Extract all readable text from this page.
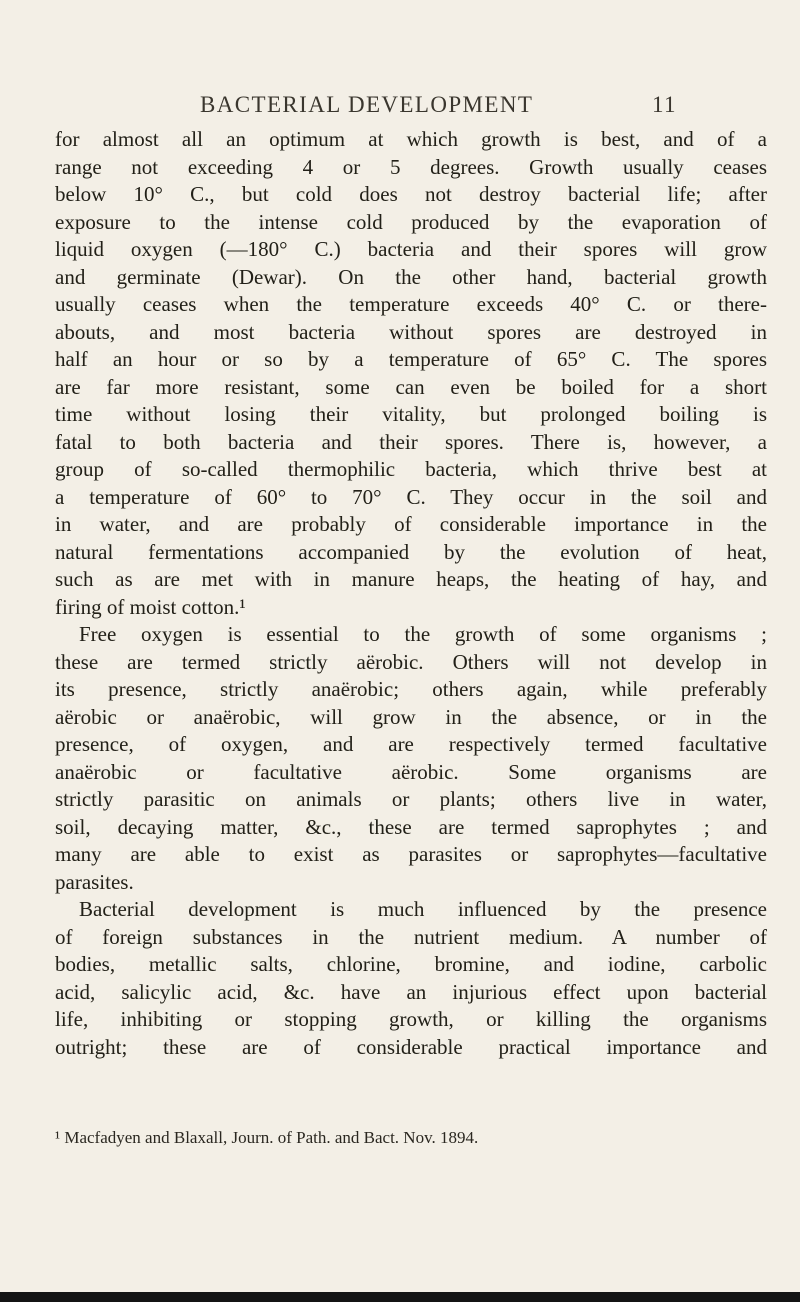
BACTERIAL DEVELOPMENT	11
for almost all an optimum at which growth is best, and of a
range not exceeding 4 or 5 degrees. Growth usually ceases
below 10° C., but cold does not destroy bacterial life; after
exposure to the intense cold produced by the evaporation of
liquid oxygen (—180° C.) bacteria and their spores will grow
and germinate (Dewar). On the other hand, bacterial growth
usually ceases when the temperature exceeds 40° C. or there-
abouts, and most bacteria without spores are destroyed in
half an hour or so by a temperature of 65° C. The spores
are far more resistant, some can even be boiled for a short
time without losing their vitality, but prolonged boiling is
fatal to both bacteria and their spores. There is, however, a
group of so-called thermophilic bacteria, which thrive best at
a temperature of 60° to 70° C. They occur in the soil and
in water, and are probably of considerable importance in the
natural fermentations accompanied by the evolution of heat,
such as are met with in manure heaps, the heating of hay, and
firing of moist cotton.¹
Free oxygen is essential to the growth of some organisms ;
these are termed strictly aërobic. Others will not develop in
its presence, strictly anaërobic; others again, while preferably
aërobic or anaërobic, will grow in the absence, or in the
presence, of oxygen, and are respectively termed facultative
anaërobic or facultative aërobic. Some organisms are
strictly parasitic on animals or plants; others live in water,
soil, decaying matter, &c., these are termed saprophytes ; and
many are able to exist as parasites or saprophytes—facultative
parasites.
Bacterial development is much influenced by the presence
of foreign substances in the nutrient medium. A number of
bodies, metallic salts, chlorine, bromine, and iodine, carbolic
acid, salicylic acid, &c. have an injurious effect upon bacterial
life, inhibiting or stopping growth, or killing the organisms
outright; these are of considerable practical importance and
¹ Macfadyen and Blaxall, Journ. of Path. and Bact. Nov. 1894.
